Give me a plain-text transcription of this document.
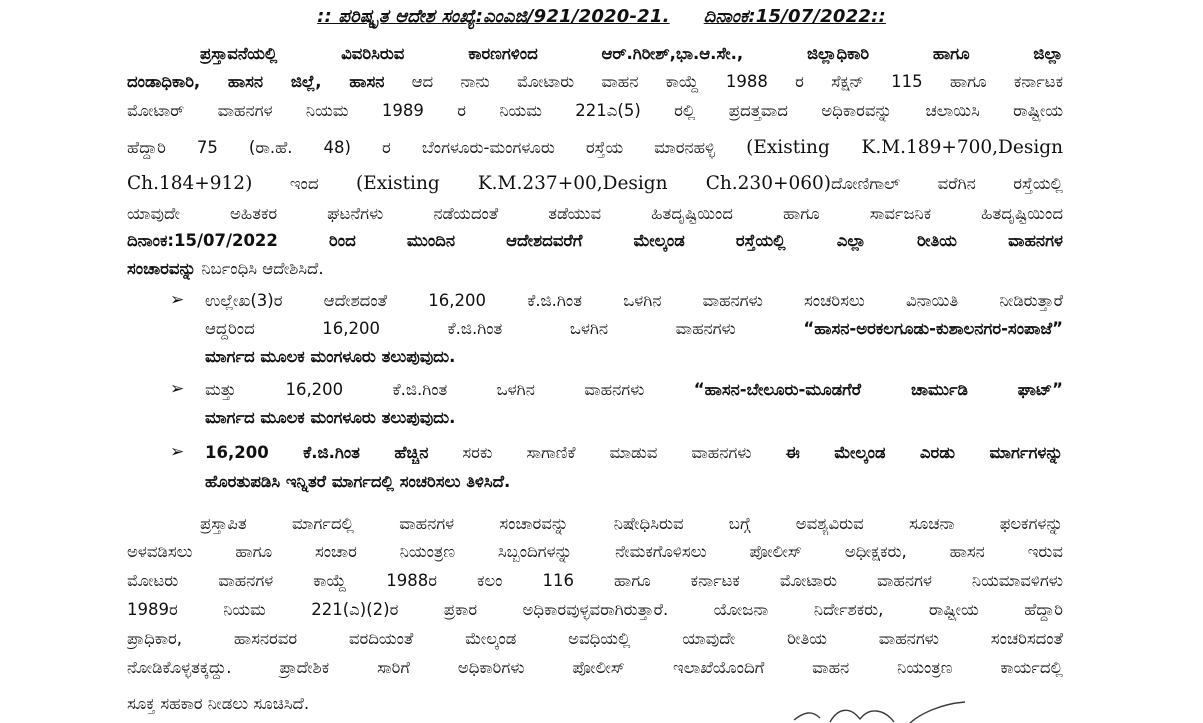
:: ಪರಿಷ್ಕೃತ ಆದೇಶ ಸಂಖ್ಯೆ:ಎಂಎಜಿ/921/2020-21. ದಿನಾಂಕ:15/07/2022::
ಪ್ರಸ್ತಾವನೆಯಲ್ಲಿ ವಿವರಿಸಿರುವ ಕಾರಣಗಳಿಂದ ಆರ್.ಗಿರೀಶ್,ಭಾ.ಆ.ಸೇ., ಜಿಲ್ಲಾಧಿಕಾರಿ ಹಾಗೂ ಜಿಲ್ಲಾ
ದಂಡಾಧಿಕಾರಿ, ಹಾಸನ ಜಿಲ್ಲೆ, ಹಾಸನ ಆದ ನಾನು ಮೋಟಾರು ವಾಹನ ಕಾಯ್ದೆ 1988 ರ ಸೆಕ್ಷನ್ 115 ಹಾಗೂ ಕರ್ನಾಟಕ
ಮೋಟಾರ್ ವಾಹನಗಳ ನಿಯಮ 1989 ರ ನಿಯಮ 221ಎ(5) ರಲ್ಲಿ ಪ್ರದತ್ತವಾದ ಅಧಿಕಾರವನ್ನು ಚಲಾಯಿಸಿ ರಾಷ್ಟ್ರೀಯ
ಹೆದ್ದಾರಿ 75 (ರಾ.ಹೆ. 48) ರ ಬೆಂಗಳೂರು-ಮಂಗಳೂರು ರಸ್ತೆಯ ಮಾರನಹಳ್ಳಿ (Existing K.M.189+700,Design
Ch.184+912) ಇಂದ (Existing K.M.237+00,Design Ch.230+060)ದೋಣಿಗಾಲ್ ವರೆಗಿನ ರಸ್ತೆಯಲ್ಲಿ
ಯಾವುದೇ ಅಹಿತಕರ ಘಟನೆಗಳು ನಡೆಯದಂತೆ ತಡೆಯುವ ಹಿತದೃಷ್ಟಿಯಿಂದ ಹಾಗೂ ಸಾರ್ವಜನಿಕ ಹಿತದೃಷ್ಟಿಯಿಂದ
ದಿನಾಂಕ:15/07/2022 ರಿಂದ ಮುಂದಿನ ಆದೇಶದವರೆಗೆ ಮೇಲ್ಕಂಡ ರಸ್ತೆಯಲ್ಲಿ ಎಲ್ಲಾ ರೀತಿಯ ವಾಹನಗಳ
ಸಂಚಾರವನ್ನು ನಿರ್ಬಂಧಿಸಿ ಆದೇಶಿಸಿದೆ.
➢ ಉಲ್ಲೇಖ(3)ರ ಆದೇಶದಂತೆ 16,200 ಕೆ.ಜಿ.ಗಿಂತ ಒಳಗಿನ ವಾಹನಗಳು ಸಂಚರಿಸಲು ವಿನಾಯಿತಿ ನೀಡಿರುತ್ತಾರೆ
ಆದ್ದರಿಂದ 16,200 ಕೆ.ಜಿ.ಗಿಂತ ಒಳಗಿನ ವಾಹನಗಳು “ಹಾಸನ-ಅರಕಲಗೂಡು-ಕುಶಾಲನಗರ-ಸಂಪಾಜೆ”
ಮಾರ್ಗದ ಮೂಲಕ ಮಂಗಳೂರು ತಲುಪುವುದು.
➢ ಮತ್ತು 16,200 ಕೆ.ಜಿ.ಗಿಂತ ಒಳಗಿನ ವಾಹನಗಳು “ಹಾಸನ-ಬೇಲೂರು-ಮೂಡಗೆರೆ ಚಾರ್ಮುಡಿ ಘಾಟ್”
ಮಾರ್ಗದ ಮೂಲಕ ಮಂಗಳೂರು ತಲುಪುವುದು.
➢ 16,200 ಕೆ.ಜಿ.ಗಿಂತ ಹೆಚ್ಚಿನ ಸರಕು ಸಾಗಾಣಿಕೆ ಮಾಡುವ ವಾಹನಗಳು ಈ ಮೇಲ್ಕಂಡ ಎರಡು ಮಾರ್ಗಗಳನ್ನು
ಹೊರತುಪಡಿಸಿ ಇನ್ನಿತರೆ ಮಾರ್ಗದಲ್ಲಿ ಸಂಚರಿಸಲು ತಿಳಿಸಿದೆ.
ಪ್ರಸ್ತಾಪಿತ ಮಾರ್ಗದಲ್ಲಿ ವಾಹನಗಳ ಸಂಚಾರವನ್ನು ನಿಷೇಧಿಸಿರುವ ಬಗ್ಗೆ ಅವಶ್ಯವಿರುವ ಸೂಚನಾ ಫಲಕಗಳನ್ನು
ಅಳವಡಿಸಲು ಹಾಗೂ ಸಂಚಾರ ನಿಯಂತ್ರಣ ಸಿಬ್ಬಂದಿಗಳನ್ನು ನೇಮಕಗೊಳಿಸಲು ಪೋಲೀಸ್ ಅಧೀಕ್ಷಕರು, ಹಾಸನ ಇರುವ
ಮೋಟರು ವಾಹನಗಳ ಕಾಯ್ದೆ 1988ರ ಕಲಂ 116 ಹಾಗೂ ಕರ್ನಾಟಕ ಮೋಟಾರು ವಾಹನಗಳ ನಿಯಮಾವಳಿಗಳು
1989ರ ನಿಯಮ 221(ಎ)(2)ರ ಪ್ರಕಾರ ಅಧಿಕಾರವುಳ್ಳವರಾಗಿರುತ್ತಾರೆ. ಯೋಜನಾ ನಿರ್ದೇಶಕರು, ರಾಷ್ಟ್ರೀಯ ಹೆದ್ದಾರಿ
ಪ್ರಾಧಿಕಾರ, ಹಾಸನರವರ ವರದಿಯಂತೆ ಮೇಲ್ಕಂಡ ಅವಧಿಯಲ್ಲಿ ಯಾವುದೇ ರೀತಿಯ ವಾಹನಗಳು ಸಂಚರಿಸದಂತೆ
ನೋಡಿಕೊಳ್ಳತಕ್ಕದ್ದು. ಪ್ರಾದೇಶಿಕ ಸಾರಿಗೆ ಅಧಿಕಾರಿಗಳು ಪೋಲೀಸ್ ಇಲಾಖೆಯೊಂದಿಗೆ ವಾಹನ ನಿಯಂತ್ರಣ ಕಾರ್ಯದಲ್ಲಿ
ಸೂಕ್ತ ಸಹಕಾರ ನೀಡಲು ಸೂಚಿಸಿದೆ.
